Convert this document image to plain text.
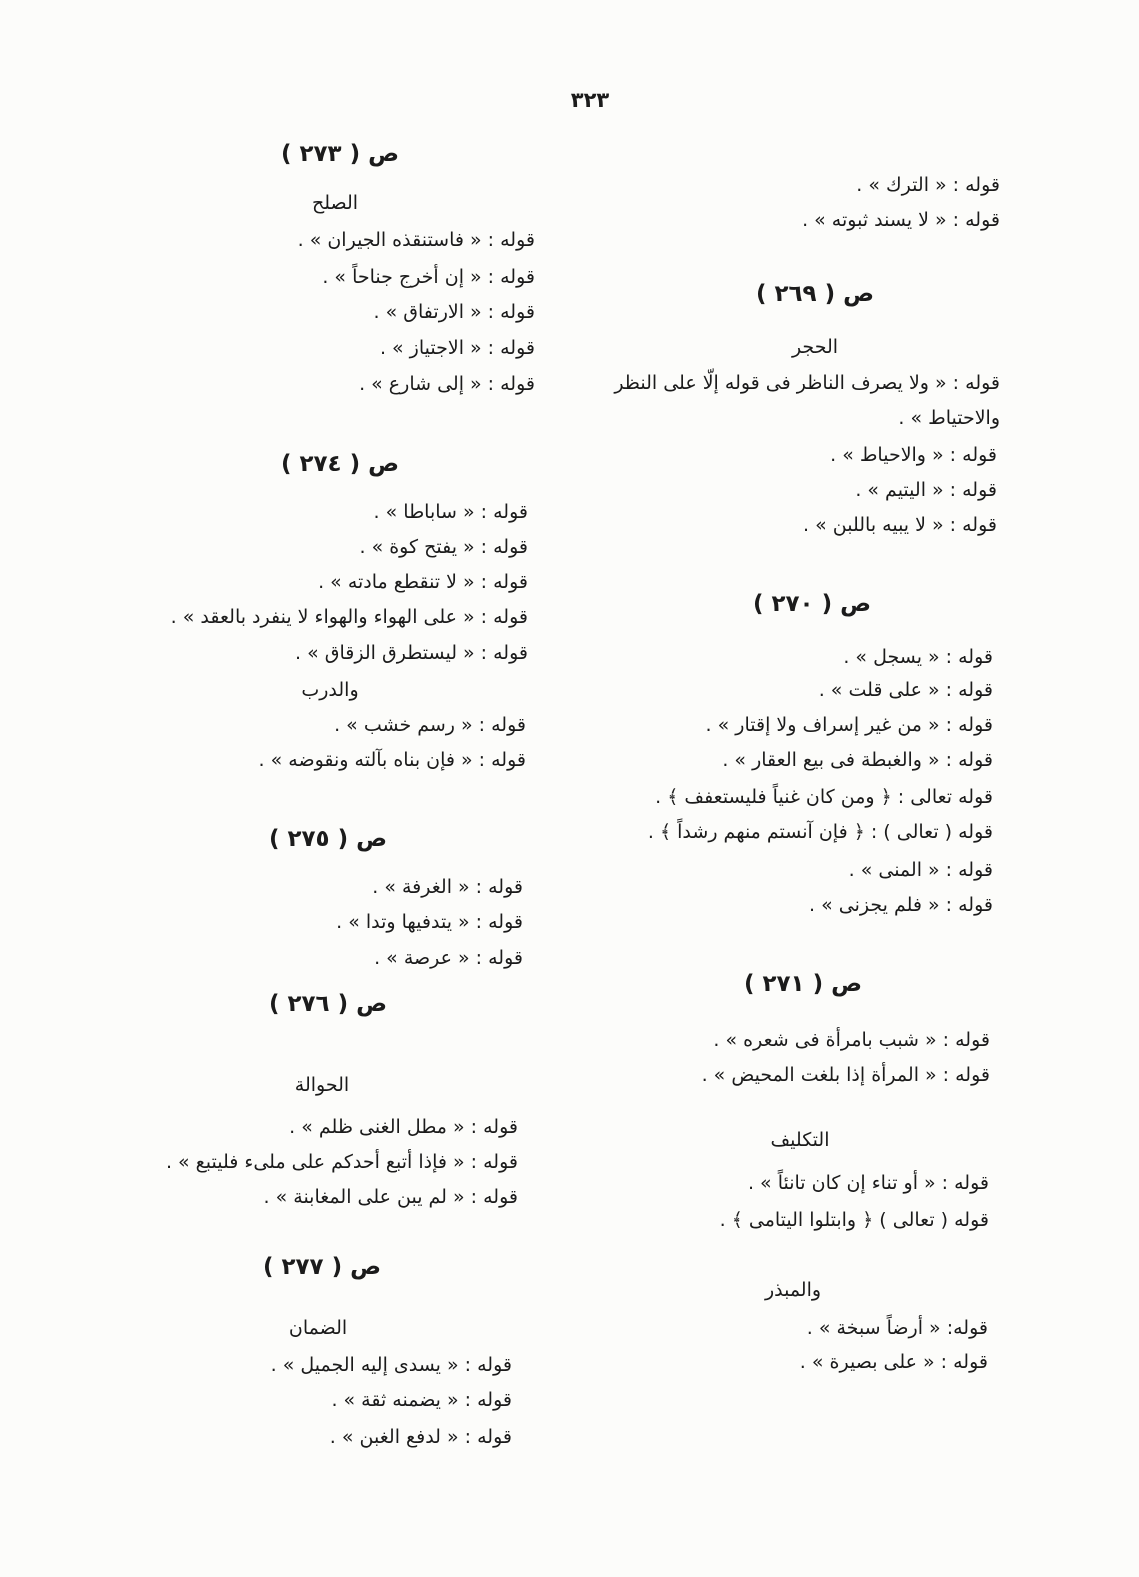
٣٢٣
قوله : « الترك » .
قوله : « لا يسند ثبوته » .
ص ( ٢٦٩ )
الحجر
قوله : « ولا يصرف الناظر فى قوله إلّا على النظر
والاحتياط » .
قوله : « والاحياط » .
قوله : « اليتيم » .
قوله : « لا يبيه باللبن » .
ص ( ٢٧٠ )
قوله : « يسجل » .
قوله : « على قلت » .
قوله : « من غير إسراف ولا إقتار » .
قوله : « والغبطة فى بيع العقار » .
قوله تعالى : ﴿ ومن كان غنياً فليستعفف ﴾ .
قوله ( تعالى ) : ﴿ فإن آنستم منهم رشداً ﴾ .
قوله : « المنى » .
قوله : « فلم يجزنى » .
ص ( ٢٧١ )
قوله : « شبب بامرأة فى شعره » .
قوله : « المرأة إذا بلغت المحيض » .
التكليف
قوله : « أو تناء إن كان تانئاً » .
قوله ( تعالى ) ﴿ وابتلوا اليتامى ﴾ .
والمبذر
قوله: « أرضاً سبخة » .
قوله : « على بصيرة » .
ص ( ٢٧٣ )
الصلح
قوله : « فاستنقذه الجيران » .
قوله : « إن أخرج جناحاً » .
قوله : « الارتفاق » .
قوله : « الاجتياز » .
قوله : « إلى شارع » .
ص ( ٢٧٤ )
قوله : « ساباطا » .
قوله : « يفتح كوة » .
قوله : « لا تنقطع مادته » .
قوله : « على الهواء والهواء لا ينفرد بالعقد » .
قوله : « ليستطرق الزقاق » .
والدرب
قوله : « رسم خشب » .
قوله : « فإن بناه بآلته ونقوضه » .
ص ( ٢٧٥ )
قوله : « الغرفة » .
قوله : « يتدفيها وتدا » .
قوله : « عرصة » .
ص ( ٢٧٦ )
الحوالة
قوله : « مطل الغنى ظلم » .
قوله : « فإذا أتبع أحدكم على ملىء فليتبع » .
قوله : « لم يبن على المغابنة » .
ص ( ٢٧٧ )
الضمان
قوله : « يسدى إليه الجميل » .
قوله : « يضمنه ثقة » .
قوله : « لدفع الغبن » .
